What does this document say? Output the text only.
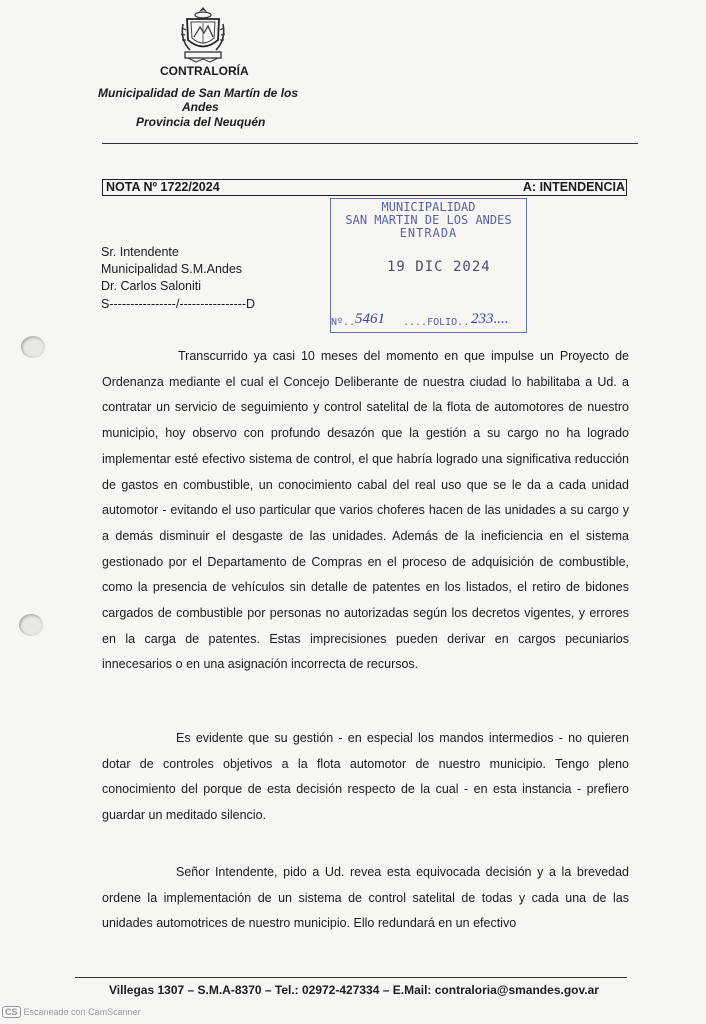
CONTRALORÍA
Municipalidad de San Martín de los
Andes
Provincia del Neuquén
NOTA Nº 1722/2024	A: INTENDENCIA
Sr. Intendente
Municipalidad S.M.Andes
Dr. Carlos Saloniti
S----------------/----------------D
MUNICIPALIDAD
SAN MARTIN DE LOS ANDES
ENTRADA
19 DIC 2024
Nº.. 5461 ....FOLIO.. 233....
Transcurrido ya casi 10 meses del momento en que impulse un Proyecto de Ordenanza mediante el cual el Concejo Deliberante de nuestra ciudad lo habilitaba a Ud. a contratar un servicio de seguimiento y control satelital de la flota de automotores de nuestro municipio, hoy observo con profundo desazón que la gestión a su cargo no ha logrado implementar esté efectivo sistema de control, el que habría logrado una significativa reducción de gastos en combustible, un conocimiento cabal del real uso que se le da a cada unidad automotor - evitando el uso particular que varios choferes hacen de las unidades a su cargo y a demás disminuir el desgaste de las unidades. Además de la ineficiencia en el sistema gestionado por el Departamento de Compras en el proceso de adquisición de combustible, como la presencia de vehículos sin detalle de patentes en los listados, el retiro de bidones cargados de combustible por personas no autorizadas según los decretos vigentes, y errores en la carga de patentes. Estas imprecisiones pueden derivar en cargos pecuniarios innecesarios o en una asignación incorrecta de recursos.
Es evidente que su gestión - en especial los mandos intermedios - no quieren dotar de controles objetivos a la flota automotor de nuestro municipio. Tengo pleno conocimiento del porque de esta decisión respecto de la cual - en esta instancia - prefiero guardar un meditado silencio.
Señor Intendente, pido a Ud. revea esta equivocada decisión y a la brevedad ordene la implementación de un sistema de control satelital de todas y cada una de las unidades automotrices de nuestro municipio. Ello redundará en un efectivo
Villegas 1307 – S.M.A-8370 – Tel.: 02972-427334 – E.Mail: contraloria@smandes.gov.ar
CS Escaneado con CamScanner
